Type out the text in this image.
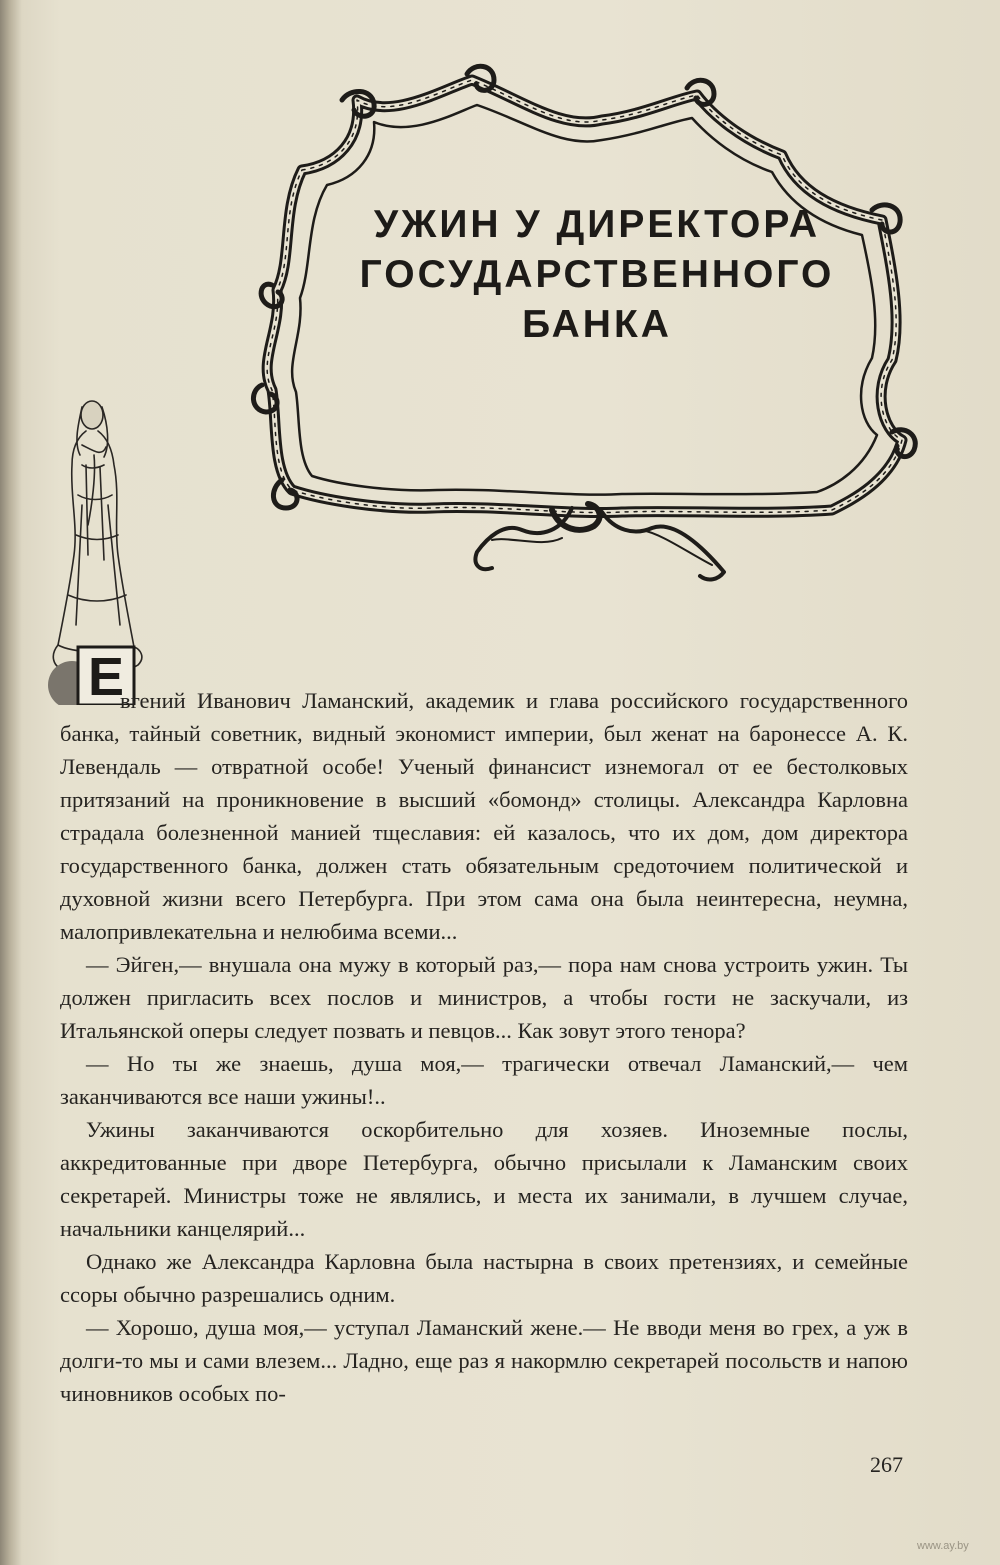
УЖИН У ДИРЕКТОРА
ГОСУДАРСТВЕННОГО
БАНКА
Е

вгений Иванович Ламанский, академик и глава российского государственного банка, тайный советник, видный экономист империи, был женат на баронессе А. К. Левендаль — отвратной особе! Ученый финансист изнемогал от ее бестолковых притязаний на проникновение в высший «бомонд» столицы. Александра Карловна страдала болезненной манией тщеславия: ей казалось, что их дом, дом директора государственного банка, должен стать обязательным средоточием политической и духовной жизни всего Петербурга. При этом сама она была неинтересна, неумна, малопривлекательна и нелюбима всеми...

— Эйген,— внушала она мужу в который раз,— пора нам снова устроить ужин. Ты должен пригласить всех послов и министров, а чтобы гости не заскучали, из Итальянской оперы следует позвать и певцов... Как зовут этого тенора?

— Но ты же знаешь, душа моя,— трагически отвечал Ламанский,— чем заканчиваются все наши ужины!..

Ужины заканчиваются оскорбительно для хозяев. Иноземные послы, аккредитованные при дворе Петербурга, обычно присылали к Ламанским своих секретарей. Министры тоже не являлись, и места их занимали, в лучшем случае, начальники канцелярий...

Однако же Александра Карловна была настырна в своих претензиях, и семейные ссоры обычно разрешались одним.

— Хорошо, душа моя,— уступал Ламанский жене.— Не вводи меня во грех, а уж в долги-то мы и сами влезем... Ладно, еще раз я накормлю секретарей посольств и напою чиновников особых по-

267
www.ay.by
